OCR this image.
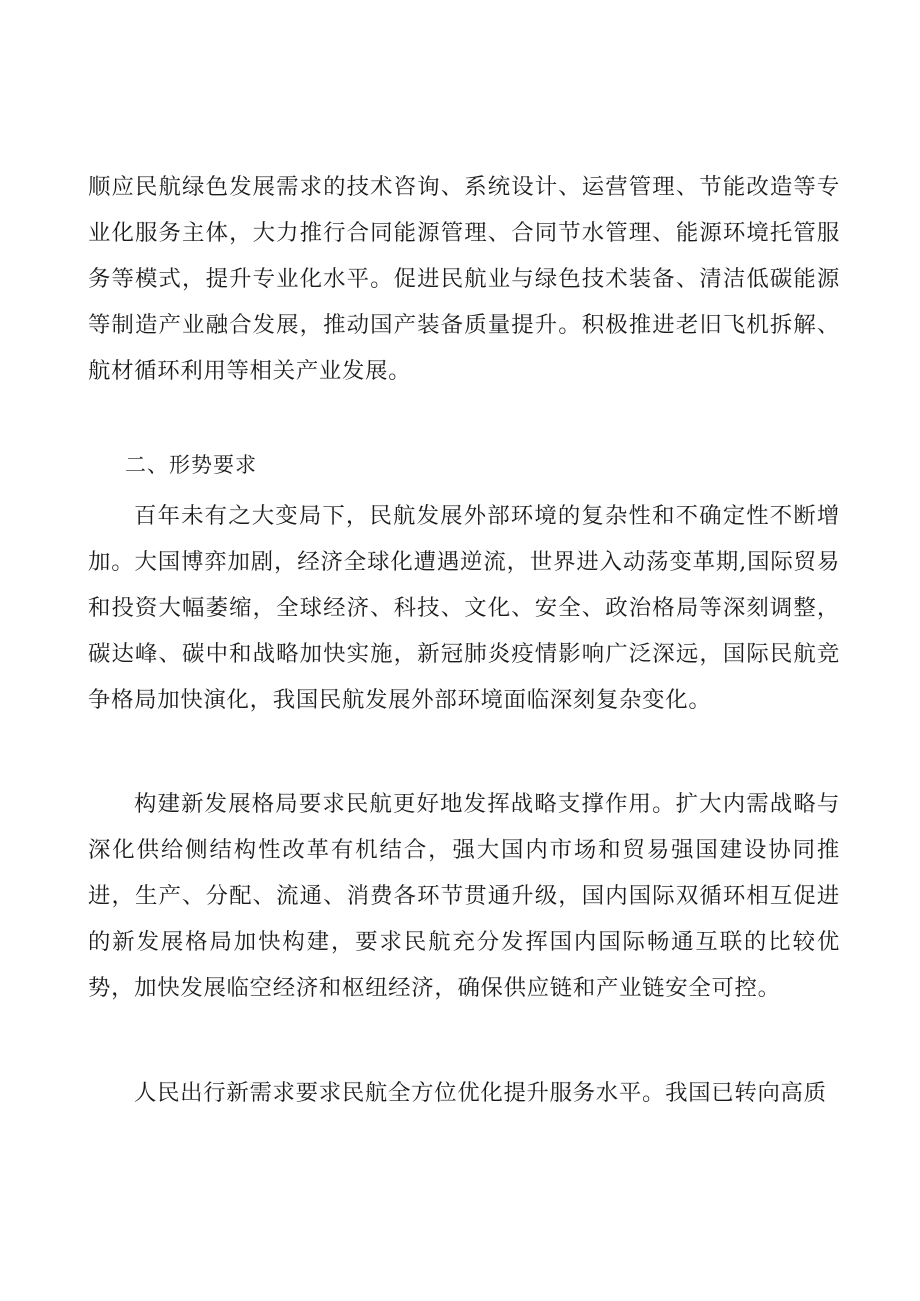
顺应民航绿色发展需求的技术咨询、系统设计、运营管理、节能改造等专业化服务主体，大力推行合同能源管理、合同节水管理、能源环境托管服务等模式，提升专业化水平。促进民航业与绿色技术装备、清洁低碳能源等制造产业融合发展，推动国产装备质量提升。积极推进老旧飞机拆解、航材循环利用等相关产业发展。

二、形势要求

百年未有之大变局下，民航发展外部环境的复杂性和不确定性不断增加。大国博弈加剧，经济全球化遭遇逆流，世界进入动荡变革期,国际贸易和投资大幅萎缩，全球经济、科技、文化、安全、政治格局等深刻调整，碳达峰、碳中和战略加快实施，新冠肺炎疫情影响广泛深远，国际民航竞争格局加快演化，我国民航发展外部环境面临深刻复杂变化。

构建新发展格局要求民航更好地发挥战略支撑作用。扩大内需战略与深化供给侧结构性改革有机结合，强大国内市场和贸易强国建设协同推进，生产、分配、流通、消费各环节贯通升级，国内国际双循环相互促进的新发展格局加快构建，要求民航充分发挥国内国际畅通互联的比较优势，加快发展临空经济和枢纽经济，确保供应链和产业链安全可控。

人民出行新需求要求民航全方位优化提升服务水平。我国已转向高质
